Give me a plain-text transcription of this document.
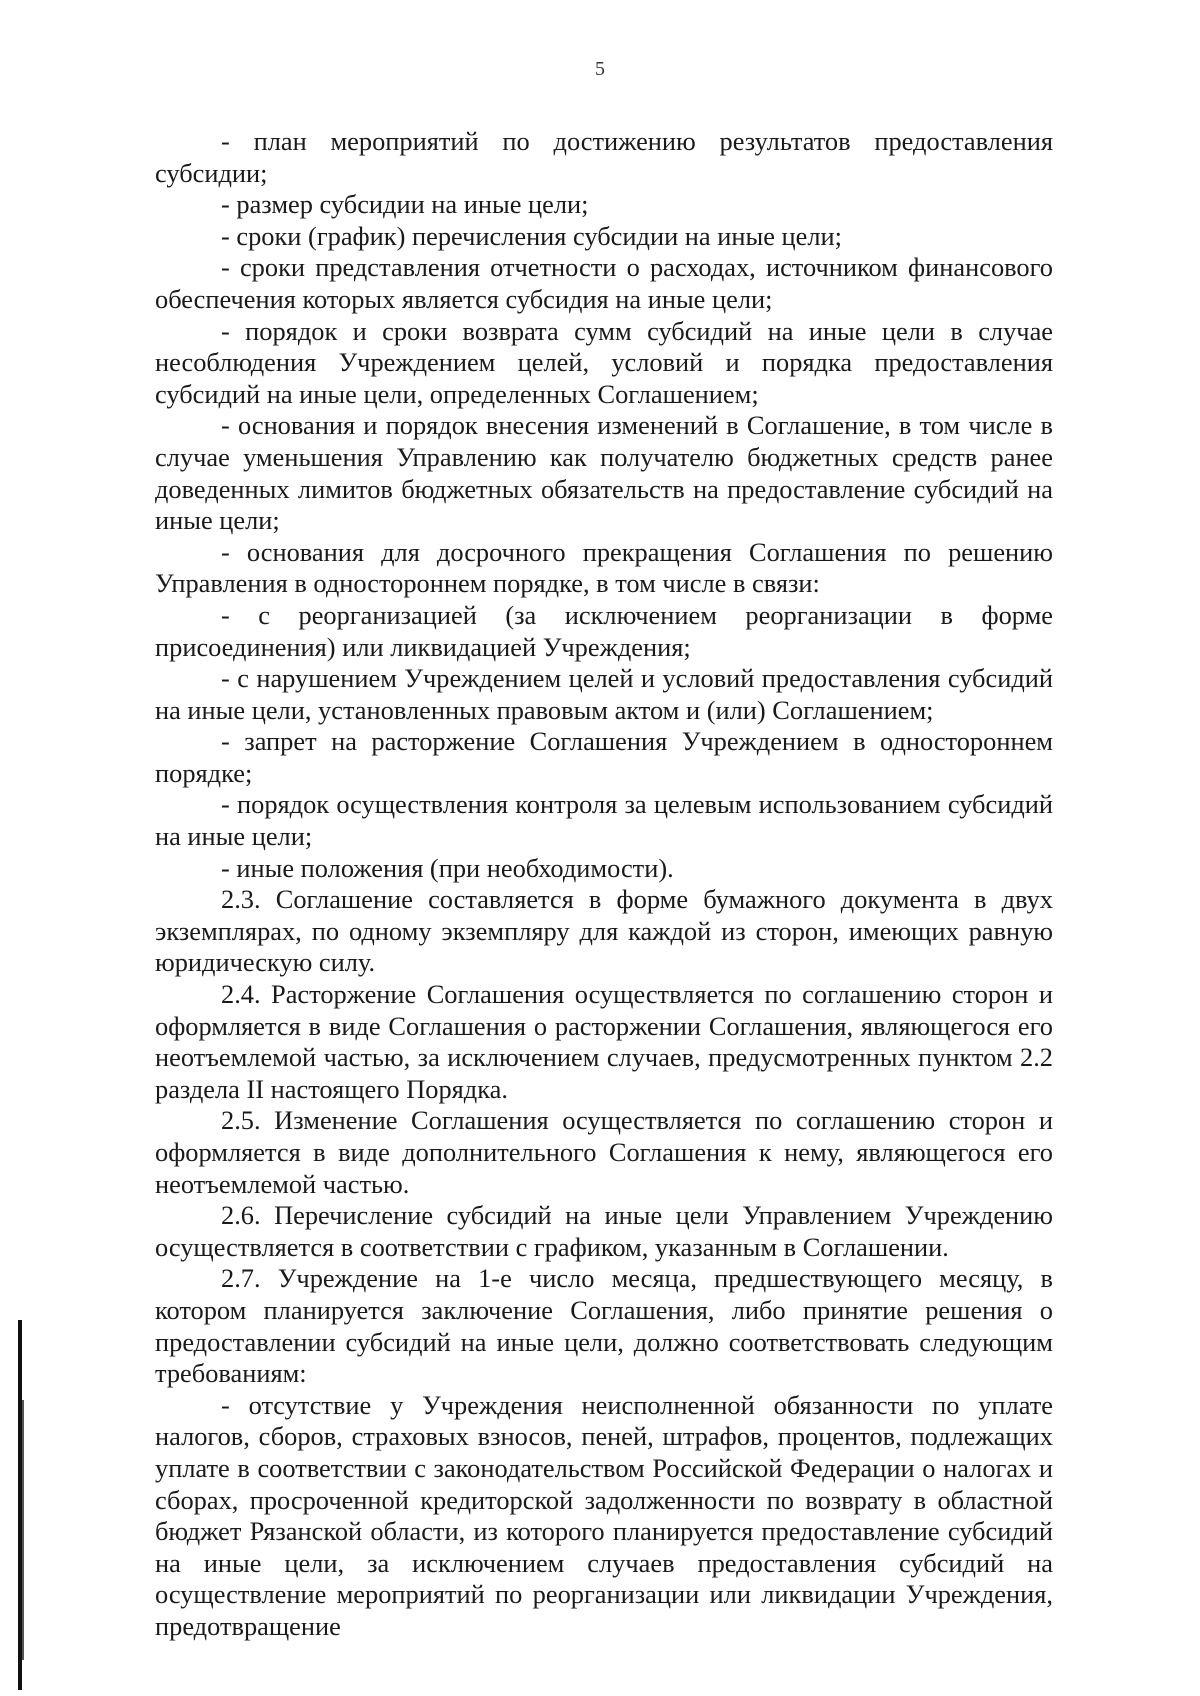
5

- план мероприятий по достижению результатов предоставления субсидии;

- размер субсидии на иные цели;

- сроки (график) перечисления субсидии на иные цели;

- сроки представления отчетности о расходах, источником финансового обеспечения которых является субсидия на иные цели;

- порядок и сроки возврата сумм субсидий на иные цели в случае несоблюдения Учреждением целей, условий и порядка предоставления субсидий на иные цели, определенных Соглашением;

- основания и порядок внесения изменений в Соглашение, в том числе в случае уменьшения Управлению как получателю бюджетных средств ранее доведенных лимитов бюджетных обязательств на предоставление субсидий на иные цели;

- основания для досрочного прекращения Соглашения по решению Управления в одностороннем порядке, в том числе в связи:

- с реорганизацией (за исключением реорганизации в форме присоединения) или ликвидацией Учреждения;

- с нарушением Учреждением целей и условий предоставления субсидий на иные цели, установленных правовым актом и (или) Соглашением;

- запрет на расторжение Соглашения Учреждением в одностороннем порядке;

- порядок осуществления контроля за целевым использованием субсидий на иные цели;

- иные положения (при необходимости).

2.3. Соглашение составляется в форме бумажного документа в двух экземплярах, по одному экземпляру для каждой из сторон, имеющих равную юридическую силу.

2.4. Расторжение Соглашения осуществляется по соглашению сторон и оформляется в виде Соглашения о расторжении Соглашения, являющегося его неотъемлемой частью, за исключением случаев, предусмотренных пунктом 2.2 раздела II настоящего Порядка.

2.5. Изменение Соглашения осуществляется по соглашению сторон и оформляется в виде дополнительного Соглашения к нему, являющегося его неотъемлемой частью.

2.6. Перечисление субсидий на иные цели Управлением Учреждению осуществляется в соответствии с графиком, указанным в Соглашении.

2.7. Учреждение на 1-е число месяца, предшествующего месяцу, в котором планируется заключение Соглашения, либо принятие решения о предоставлении субсидий на иные цели, должно соответствовать следующим требованиям:

- отсутствие у Учреждения неисполненной обязанности по уплате налогов, сборов, страховых взносов, пеней, штрафов, процентов, подлежащих уплате в соответствии с законодательством Российской Федерации о налогах и сборах, просроченной кредиторской задолженности по возврату в областной бюджет Рязанской области, из которого планируется предоставление субсидий на иные цели, за исключением случаев предоставления субсидий на осуществление мероприятий по реорганизации или ликвидации Учреждения, предотвращение
